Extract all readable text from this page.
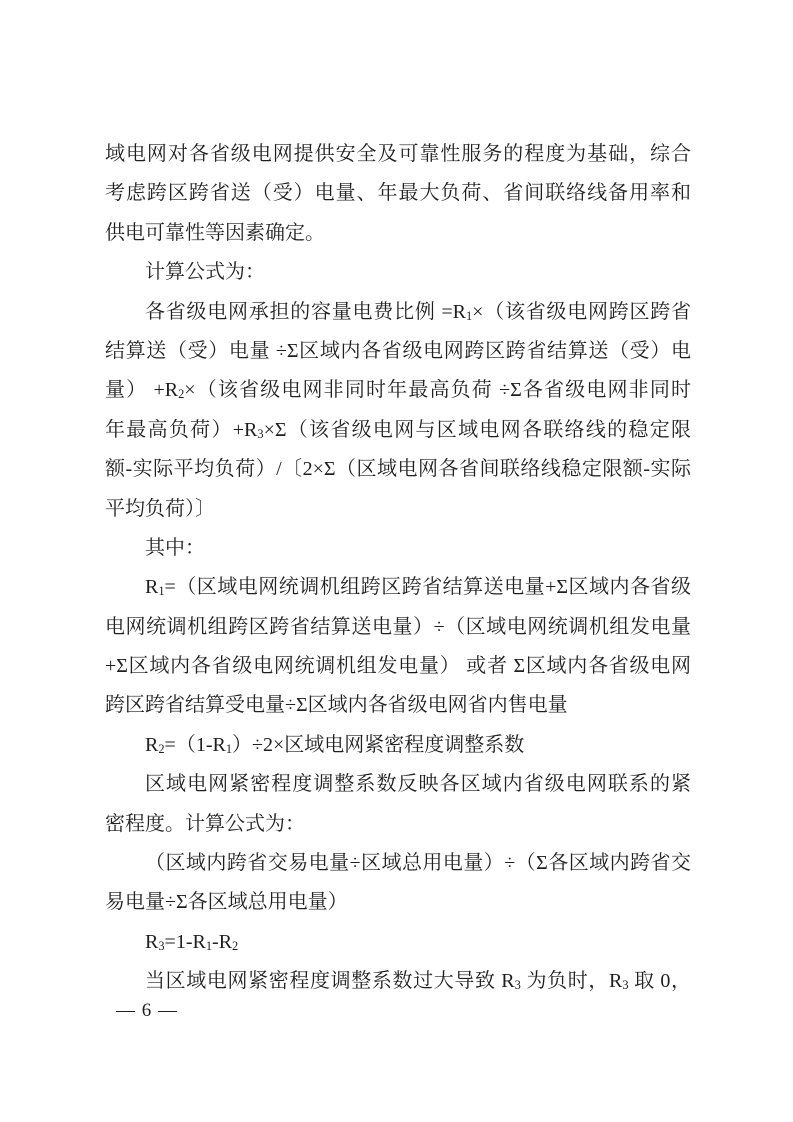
域电网对各省级电网提供安全及可靠性服务的程度为基础，综合
考虑跨区跨省送（受）电量、年最大负荷、省间联络线备用率和
供电可靠性等因素确定。
计算公式为：
各省级电网承担的容量电费比例 $=R_1\times$（该省级电网跨区跨省
结算送（受）电量 ÷Σ区域内各省级电网跨区跨省结算送（受）电
量） $+R_2\times$（该省级电网非同时年最高负荷 ÷Σ各省级电网非同时
年最高负荷）$+R_3\times\Sigma$（该省级电网与区域电网各联络线的稳定限
额-实际平均负荷）/〔2×Σ（区域电网各省间联络线稳定限额-实际
平均负荷）〕
其中：
$R_1=$（区域电网统调机组跨区跨省结算送电量+Σ区域内各省级
电网统调机组跨区跨省结算送电量）÷（区域电网统调机组发电量
+Σ区域内各省级电网统调机组发电量） 或者 Σ区域内各省级电网
跨区跨省结算受电量÷Σ区域内各省级电网省内售电量
$R_2=(1-R_1)\div 2\times$区域电网紧密程度调整系数
区域电网紧密程度调整系数反映各区域内省级电网联系的紧
密程度。计算公式为：
（区域内跨省交易电量÷区域总用电量）÷（Σ各区域内跨省交
易电量÷Σ各区域总用电量）
$R_3=1-R_1-R_2$
当区域电网紧密程度调整系数过大导致 $R_3$ 为负时，$R_3$ 取 0，
— 6 —
